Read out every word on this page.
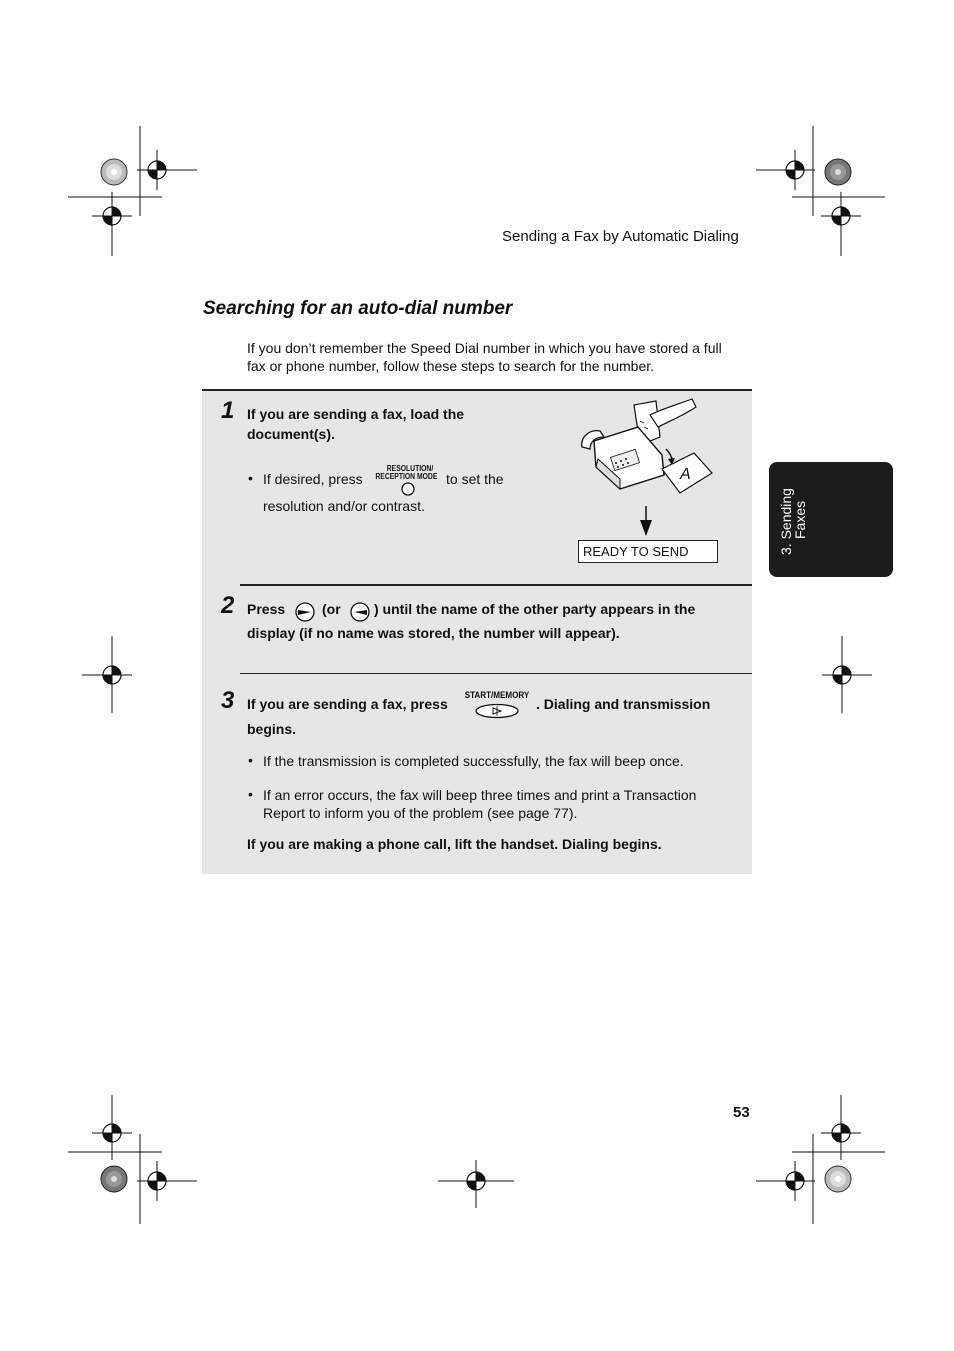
Sending a Fax by Automatic Dialing
Searching for an auto-dial number
If you don’t remember the Speed Dial number in which you have stored a full
fax or phone number, follow these steps to search for the number.
1 If you are sending a fax, load the
document(s).
• If desired, press
RESOLUTION/
RECEPTION MODE to set the
resolution and/or contrast.
A
READY TO SEND
2 Press	(or ) until the name of the other party appears in the
display (if no name was stored, the number will appear).
3 If you are sending a fax, press
START/MEMORY
. Dialing and transmission
begins.
• If the transmission is completed successfully, the fax will beep once.
• If an error occurs, the fax will beep three times and print a Transaction
Report to inform you of the problem (see page 77).
If you are making a phone call, lift the handset. Dialing begins.
3. Sending
Faxes
53
